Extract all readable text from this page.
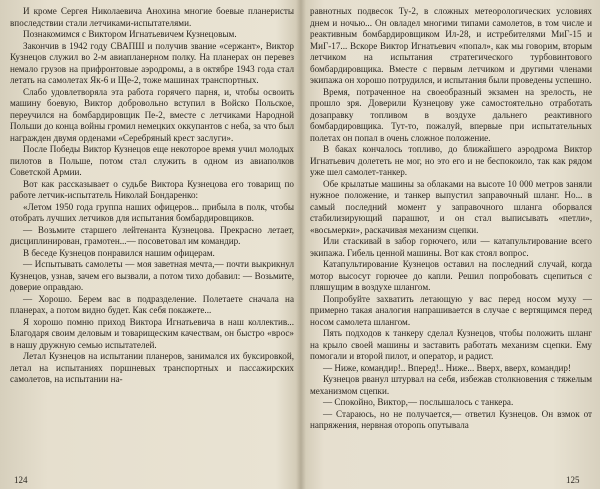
И кроме Сергея Николаевича Анохина многие боевые планеристы впоследствии стали летчиками-испытателями.

Познакомимся с Виктором Игнатьевичем Кузнецовым.

Закончив в 1942 году СВАПШ и получив звание «сержант», Виктор Кузнецов служил во 2-м авиапланерном полку. На планерах он перевез немало грузов на прифронтовые аэродромы, а в октябре 1943 года стал летать на самолетах Як-6 и Ще-2, тоже машинах транспортных.

Слабо удовлетворяла эта работа горячего парня, и, чтобы освоить машину боевую, Виктор добровольно вступил в Войско Польское, переучился на бомбардировщик Пе-2, вместе с летчиками Народной Польши до конца войны громил немецких оккупантов с неба, за что был награжден двумя орденами «Серебряный крест заслуги».

После Победы Виктор Кузнецов еще некоторое время учил молодых пилотов в Польше, потом стал служить в одном из авиаполков Советской Армии.

Вот как рассказывает о судьбе Виктора Кузнецова его товарищ по работе летчик-испытатель Николай Бондаренко:

«Летом 1950 года группа наших офицеров... прибыла в полк, чтобы отобрать лучших летчиков для испытания бомбардировщиков.

— Возьмите старшего лейтенанта Кузнецова. Прекрасно летает, дисциплинирован, грамотен...— посоветовал им командир.

В беседе Кузнецов понравился нашим офицерам.

— Испытывать самолеты — моя заветная мечта,— почти выкрикнул Кузнецов, узнав, зачем его вызвали, а потом тихо добавил: — Возьмите, доверие оправдаю.

— Хорошо. Берем вас в подразделение. Полетаете сначала на планерах, а потом видно будет. Как себя покажете...

Я хорошо помню приход Виктора Игнатьевича в наш коллектив... Благодаря своим деловым и товарищеским качествам, он быстро «врос» в нашу дружную семью испытателей.

Летал Кузнецов на испытании планеров, занимался их буксировкой, летал на испытаниях поршневых транспортных и пассажирских самолетов, на испытании на-

равнотных подвесок Ту-2, в сложных метеорологических условиях днем и ночью... Он овладел многими типами самолетов, в том числе и реактивным бомбардировщиком Ил-28, и истребителями МиГ-15 и МиГ-17... Вскоре Виктор Игнатьевич «попал», как мы говорим, вторым летчиком на испытания стратегического турбовинтового бомбардировщика. Вместе с первым летчиком и другими членами экипажа он хорошо потрудился, и испытания были проведены успешно.

Время, потраченное на своеобразный экзамен на зрелость, не прошло зря. Доверили Кузнецову уже самостоятельно отработать дозаправку топливом в воздухе дальнего реактивного бомбардировщика. Тут-то, пожалуй, впервые при испытательных полетах он попал в очень сложное положение.

В баках кончалось топливо, до ближайшего аэродрома Виктор Игнатьевич долететь не мог, но это его и не беспокоило, так как рядом уже шел самолет-танкер.

Обе крылатые машины за облаками на высоте 10 000 метров заняли нужное положение, и танкер выпустил заправочный шланг. Но... в самый последний момент у заправочного шланга оборвался стабилизирующий парашют, и он стал выписывать «петли», «восьмерки», раскачивая механизм сцепки.

Или стаскивай в забор горючего, или — катапультирование всего экипажа. Гибель ценной машины. Вот как стоял вопрос.

Катапультирование Кузнецов оставил на последний случай, когда мотор высосут горючее до капли. Решил попробовать сцепиться с пляшущим в воздухе шлангом.

Попробуйте захватить летающую у вас перед носом муху — примерно такая аналогия напрашивается в случае с вертящимся перед носом самолета шлангом.

Пять подходов к танкеру сделал Кузнецов, чтобы положить шланг на крыло своей машины и заставить работать механизм сцепки. Ему помогали и второй пилот, и оператор, и радист.

— Ниже, командир!.. Вперед!.. Ниже... Вверх, вверх, командир!

Кузнецов рванул штурвал на себя, избежав столкновения с тяжелым механизмом сцепки.

— Спокойно, Виктор,— послышалось с танкера.

— Стараюсь, но не получается,— ответил Кузнецов. Он взмок от напряжения, нервная оторопь опутывала

124	125
